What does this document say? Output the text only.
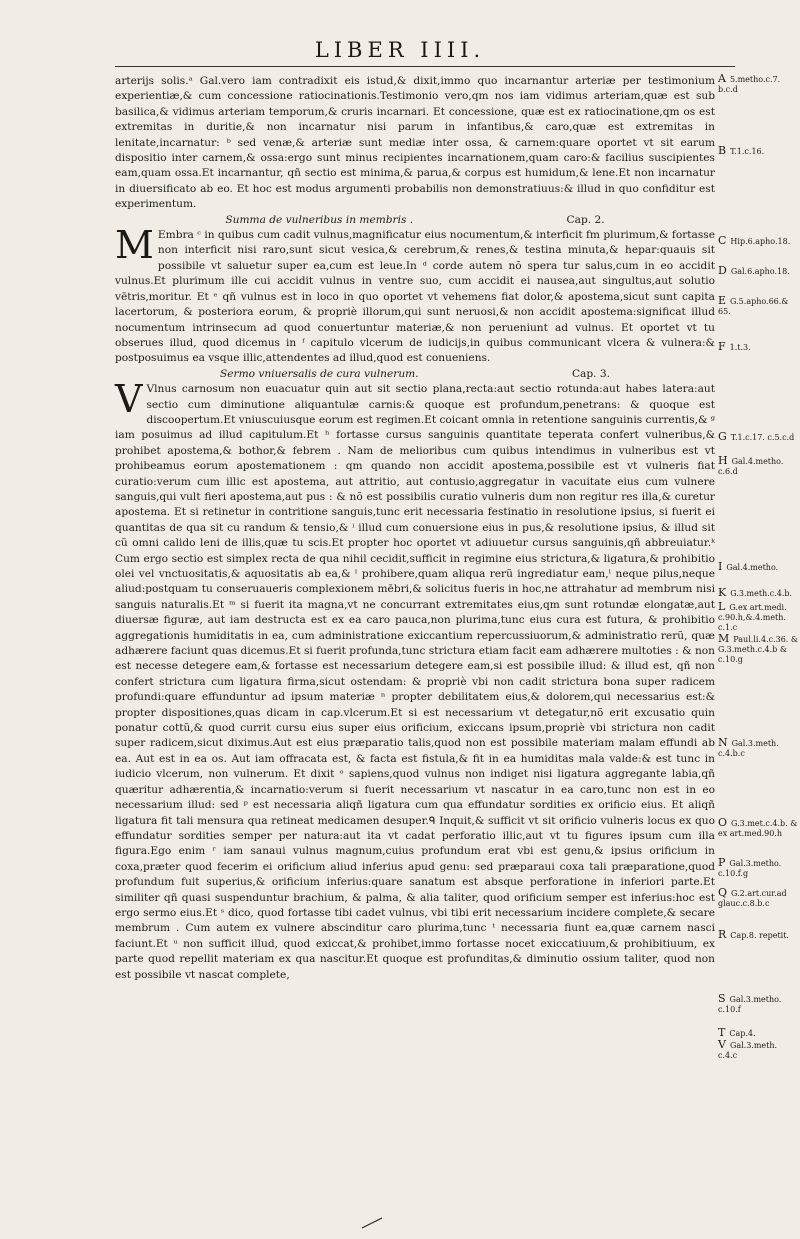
LIBER IIII.

arterijs solis.ᵃ Gal.vero iam contradixit eis istud,& dixit,immo quo incarnantur arteriæ per testimonium experientiæ,& cum concessione ratiocinationis.Testimonio vero,qm nos iam vidimus arteriam,quæ est sub basilica,& vidimus arteriam temporum,& cruris incarnari. Et concessione, quæ est ex ratiocinatione,qm os est extremitas in duritie,& non incarnatur nisi parum in infantibus,& caro,quæ est extremitas in lenitate,incarnatur: ᵇ sed venæ,& arteriæ sunt mediæ inter ossa, & carnem:quare oportet vt sit earum dispositio inter carnem,& ossa:ergo sunt minus recipientes incarnationem,quam caro:& facilius suscipientes eam,quam ossa.Et incarnantur, qñ sectio est minima,& parua,& corpus est humidum,& lene.Et non incarnatur in diuersificato ab eo. Et hoc est modus argumenti probabilis non demonstratiuus:& illud in quo confiditur est experimentum.

Summa de vulneribus in membris .	Cap. 2.

M Embra ᶜ in quibus cum cadit vulnus,magnificatur eius nocumentum,& interficit fm plurimum,& fortasse non interficit nisi raro,sunt sicut vesica,& cerebrum,& renes,& testina minuta,& hepar:quauis sit possibile vt saluetur super ea,cum est leue.In ᵈ corde autem nõ spera tur salus,cum in eo accidit vulnus.Et plurimum ille cui accidit vulnus in ventre suo, cum accidit ei nausea,aut singultus,aut solutio vētris,moritur. Et ᵉ qñ vulnus est in loco in quo oportet vt vehemens fiat dolor,& apostema,sicut sunt capita lacertorum, & posteriora eorum, & propriè illorum,qui sunt neruosi,& non accidit apostema:significat illud nocumentum intrinsecum ad quod conuertuntur materiæ,& non perueniunt ad vulnus. Et oportet vt tu obserues illud, quod dicemus in ᶠ capitulo vlcerum de iudicijs,in quibus communicant vlcera & vulnera:& postposuimus ea vsque illic,attendentes ad illud,quod est conueniens.

Sermo vniuersalis de cura vulnerum.	Cap. 3.

V Vlnus carnosum non euacuatur quin aut sit sectio plana,recta:aut sectio rotunda:aut habes latera:aut sectio cum diminutione aliquantulæ carnis:& quoque est profundum,penetrans: & quoque est discoopertum.Et vniuscuiusque eorum est regimen.Et coicant omnia in retentione sanguinis currentis,& ᵍ iam posuimus ad illud capitulum.Et ʰ fortasse cursus sanguinis quantitate teperata confert vulneribus,& prohibet apostema,& bothor,& febrem . Nam de melioribus cum quibus intendimus in vulneribus est vt prohibeamus eorum apostemationem : qm quando non accidit apostema,possibile est vt vulneris fiat curatio:verum cum illic est apostema, aut attritio, aut contusio,aggregatur in vacuitate eius cum vulnere sanguis,qui vult fieri apostema,aut pus : & nõ est possibilis curatio vulneris dum non regitur res illa,& curetur apostema. Et si retinetur in contritione sanguis,tunc erit necessaria festinatio in resolutione ipsius, si fuerit ei quantitas de qua sit cu randum & tensio,& ⁱ illud cum conuersione eius in pus,& resolutione ipsius, & illud sit cũ omni calido leni de illis,quæ tu scis.Et propter hoc oportet vt adiuuetur cursus sanguinis,qñ abbreuiatur.ᵏ Cum ergo sectio est simplex recta de qua nihil cecidit,sufficit in regimine eius strictura,& ligatura,& prohibitio olei vel vnctuositatis,& aquositatis ab ea,& ˡ prohibere,quam aliqua rerũ ingrediatur eam,ˡ neque pilus,neque aliud:postquam tu conseruaueris complexionem mēbri,& solicitus fueris in hoc,ne attrahatur ad membrum nisi sanguis naturalis.Et ᵐ si fuerit ita magna,vt ne concurrant extremitates eius,qm sunt rotundæ elongatæ,aut diuersæ figuræ, aut iam destructa est ex ea caro pauca,non plurima,tunc eius cura est futura, & prohibitio aggregationis humiditatis in ea, cum administratione exiccantium repercussiuorum,& administratio rerũ, quæ adhærere faciunt quas dicemus.Et si fuerit profunda,tunc strictura etiam facit eam adhærere multoties : & non est necesse detegere eam,& fortasse est necessarium detegere eam,si est possibile illud: & illud est, qñ non confert strictura cum ligatura firma,sicut ostendam: & propriè vbi non cadit strictura bona super radicem profundi:quare effunduntur ad ipsum materiæ ⁿ propter debilitatem eius,& dolorem,qui necessarius est:& propter dispositiones,quas dicam in cap.vlcerum.Et si est necessarium vt detegatur,nõ erit excusatio quin ponatur cottũ,& quod currit cursu eius super eius orificium, exiccans ipsum,propriè vbi strictura non cadit super radicem,sicut diximus.Aut est eius præparatio talis,quod non est possibile materiam malam effundi ab ea. Aut est in ea os. Aut iam offracata est, & facta est fistula,& fit in ea humiditas mala valde:& est tunc in iudicio vlcerum, non vulnerum. Et dixit ᵒ sapiens,quod vulnus non indiget nisi ligatura aggregante labia,qñ quæritur adhærentia,& incarnatio:verum si fuerit necessarium vt nascatur in ea caro,tunc non est in eo necessarium illud: sed ᵖ est necessaria aliqñ ligatura cum qua effundatur sordities ex orificio eius. Et aliqñ ligatura fit tali mensura qua retineat medicamen desuper.ᑫ Inquit,& sufficit vt sit orificio vulneris locus ex quo effundatur sordities semper per natura:aut ita vt cadat perforatio illic,aut vt tu figures ipsum cum illa figura.Ego enim ʳ iam sanaui vulnus magnum,cuius profundum erat vbi est genu,& ipsius orificium in coxa,præter quod fecerim ei orificium aliud inferius apud genu: sed præparaui coxa tali præparatione,quod profundum fuit superius,& orificium inferius:quare sanatum est absque perforatione in inferiori parte.Et similiter qñ quasi suspenduntur brachium, & palma, & alia taliter, quod orificium semper est inferius:hoc est ergo sermo eius.Et ˢ dico, quod fortasse tibi cadet vulnus, vbi tibi erit necessarium incidere complete,& secare membrum . Cum autem ex vulnere abscinditur caro plurima,tunc ᵗ necessaria fiunt ea,quæ carnem nasci faciunt.Et ᵘ non sufficit illud, quod exiccat,& prohibet,immo fortasse nocet exiccatiuum,& prohibitiuum, ex parte quod repellit materiam ex qua nascitur.Et quoque est profunditas,& diminutio ossium taliter, quod non est possibile vt nascat complete,

A 5.metho.c.7. b.c.d
B T.1.c.16.
C Hip.6.apho.18.
D Gal.6.apho.18.
E G.5.apho.66.& 65.
F 1.t.3.
G T.1.c.17. c.5.c.d
H Gal.4.metho. c.6.d
I Gal.4.metho.
K G.3.meth.c.4.b.
L G.ex art.medi. c.90.h,&.4.meth. c.1.c
M Paul.li.4.c.36. & G.3.meth.c.4.b & c.10.g
N Gal.3.meth. c.4.b.c
O G.3.met.c.4.b. & ex art.med.90.h
P Gal.3.metho. c.10.f.g
Q G.2.art.cur.ad glauc.c.8.b.c
R Cap.8. repetit.
S Gal.3.metho. c.10.f
T Cap.4.
V Gal.3.meth. c.4.c
